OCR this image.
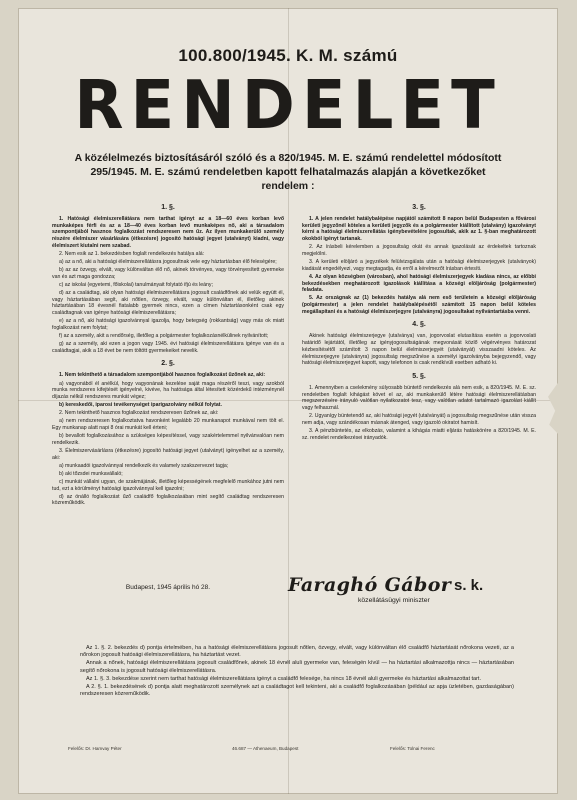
100.800/1945. K. M. számú
RENDELET
A közélelmezés biztosításáról szóló és a 820/1945. M. E. számú rendelettel módosított 295/1945. M. E. számú rendeletben kapott felhatalmazás alapján a következőket rendelem :
1. §.

1. Hatósági élelmiszerellátásra nem tarthat igényt az a 18—60 éves korban levő munkaképes férfi és az a 18—40 éves korban levő munkaképes nő, aki a társadalom szempontjából hasznos foglalkozást rendszeresen nem űz. Az ilyen munkakerülő személy részére élelmiszer vásárlására (étkezésre) jogosító hatósági jegyet (utalványt) kiadni, vagy élelmiszert kiutalni nem szabad.

2. Nem esik az 1. bekezdésben foglalt rendelkezés hatálya alá:

a) az a nő, aki a hatósági élelmiszerellátásra jogosultnak vele egy háztartásban élő feleségére;

b) az az özvegy, elvált, vagy különváltan élő nő, akinek törvényes, vagy törvényesített gyermeke van és azt maga gondozza;

c) az iskolai (egyetemi, főiskolai) tanulmányait folytató ifjú és leány;

d) az a családtag, aki olyan hatósági élelmiszerellátásra jogosult családfőnek aki velük együtt él, vagy háztartásában segít, aki nőtlen, özvegy, elvált, vagy különváltan él, illetőleg akinek háztartásában 18 évesnél fiatalabb gyermek nincs, ezen a címen háztartásonként csak egy családtagnak van igénye hatósági élelmiszerellátásra;

e) az a nő, aki hatósági igazolvánnyal igazolja, hogy betegség (rokkantság) vagy más ok miatt foglalkozást nem folytat;

f) az a személy, akit a rendőrség, illetőleg a polgármester foglalkozásnélkülinek nyilvánított;

g) az a személy, aki ezen a jogon vagy 1945. évi hatósági élelmiszerellátásra igénye van és a családtagjai, akik a 18 évet be nem töltött gyermekeiket nevelik.

2. §.

1. Nem tekinthető a társadalom szempontjából hasznos foglalkozást űzőnek az, aki:

a) vagyonából él anélkül, hogy vagyonának kezelése saját maga részéről teszi, vagy azokból munka rendszeres kifejtését igényelné, kivéve, ha hatósága által létesített közérdekű intézménynél díjazás nélkül rendszeres munkát végez;

b) kereskedői, iparosi tevékenységet iparigazolvány nélkül folytat.

2. Nem tekinthető hasznos foglalkozást rendszeresen űzőnek az, aki:

a) nem rendszeresen foglalkoztatva havonként legalább 20 munkanapot munkával nem tölt el. Egy munkanap alatt napi 8 órai munkát kell érteni;

b) bevallott foglalkozásához a szükséges képesítéssel, vagy szakértelemmel nyilvánvalóan nem rendelkezik.

3. Élelmiszervásárlásra (étkezésre) jogosító hatósági jegyet (utalványt) igényelhet az a személy, aki:

a) munkaadói igazolvánnyal rendelkezik és valamely szakszervezet tagja;

b) aki tőzsdei munkavállaló;

c) munkát vállalni ugyan, de szakmájának, illetőleg képességének megfelelő munkához jutni nem tud, ezt a körülményt hatósági igazolvánnyal kell igazolni;

d) az önálló foglalkozást űző családfő foglalkozásában mint segítő családtag rendszeresen közreműködik.

3. §.

1. A jelen rendelet hatálybalépése napjától számított 8 napon belül Budapesten a fővárosi kerületi jegyzőnél köteles a kerületi jegyzők és a polgármester kiállított (utalvány) igazolványt kérni a hatósági élelmiszerellátás igénybevételére jogosultak, akik az 1. §-ban meghatározott okokból igényt tartanak.

2. Az írásbeli kérelemben a jogosultság okát és annak igazolását az érdekeltek tartoznak megjelölni.

3. A kerületi elöljáró a jegyzékek felülvizsgálata után a hatósági élelmiszerjegyek (utalványok) kiadását engedélyezi, vagy megtagadja, és erről a kérelmezőt írásban értesíti.

4. Az olyan községben (városban), ahol hatósági élelmiszerjegyek kiadása nincs, az előbbi bekezdésekben meghatározott igazolások kiállítása a községi elöljáróság (polgármester) feladata.

5. Az országnak az (1) bekezdés hatálya alá nem eső területein a községi elöljáróság (polgármester) a jelen rendelet hatálybalépésétől számított 15 napon belül köteles megállapítani és a hatósági élelmiszerjegyre (utalványra) jogosultakat nyilvántartásba venni.

4. §.

Akinek hatósági élelmiszerjegye (utalványa) van, jogorvoslat elutasítása esetén a jogorvoslati határidő lejártától, illetőleg az igényjogosultságának megvonását közlő végérvényes határozat kézbesítésétől számított 3 napon belül élelmiszerjegyét (utalványát) visszaadni köteles. Az élelmiszerjegyre (utalványra) jogosultság megszűnése a személyi igazolványba bejegyzendő, vagy hatósági élelmiszerjegyet kapott, vagy telefonon is csak rendkívüli esetben adható ki.

5. §.

1. Amennyiben a cselekmény súlyosabb büntető rendelkezés alá nem esik, a 820/1945. M. E. sz. rendeletben foglalt kihágást követ el az, aki munkakerülő létére hatósági élelmiszerellátásban megszerzésére irányuló valótlan nyilatkozatot tesz, vagy valótlan adatot tartalmazó igazolást kiállít vagy felhasznál.

2. Ugyanígy büntetendő az, aki hatósági jegyét (utalványát) a jogosultság megszűnése után vissza nem adja, vagy szándékosan másnak átenged, vagy igazoló okiratot hamisít.

3. A pénzbüntetés, az elkobzás, valamint a kihágás miatti eljárás hatáskörére a 820/1945. M. E. sz. rendelet rendelkezései irányadók.

Budapest, 1945 április hó 28.	Faraghó Gábor s. k.
közellátásügyi miniszter

Az 1. §. 2. bekezdés d) pontja értelmében, ha a hatósági élelmiszerellátásra jogosult nőtlen, özvegy, elvált, vagy különváltan élő családfő háztartását nőrokona vezeti, az a nőrokon jogosult hatósági élelmiszerellátásra, ha háztartást vezet.

Annak a nőnek, hatósági élelmiszerellátásra jogosult családfőnek, akinek 18 évnél aluli gyermeke van, feleségén kívül — ha háztartási alkalmazottja nincs — háztartásában segítő nőrokona is jogosult hatósági élelmiszerellátásra.

Az 1. §. 3. bekezdése szerint nem tarthat hatósági élelmiszerellátásra igényt a családfő felesége, ha nincs 18 évnél aluli gyermeke és háztartási alkalmazottat tart.

A 2. §. 1. bekezdésének d) pontja alatt meghatározott személynek azt a családtagot kell tekinteni, aki a családfő foglalkozásában (például az apja üzletében, gazdaságában) rendszeresen közreműködik.

Felelős: Dr. Hamvay Péter	46.687 — Athenaeum, Budapest	Felelős: Tolnai Ferenc
